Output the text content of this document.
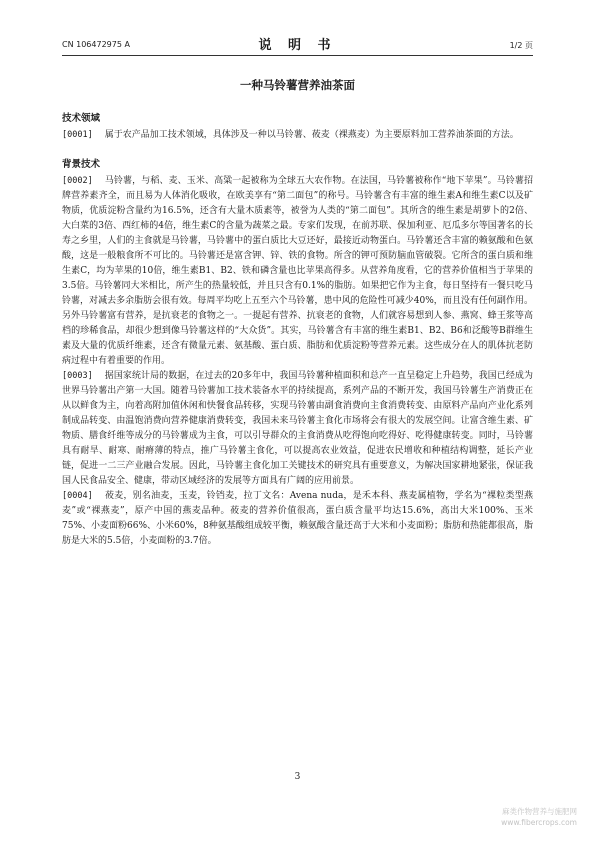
CN 106472975 A	说 明 书	1/2 页
一种马铃薯营养油茶面
技术领域

[0001] 属于农产品加工技术领域，具体涉及一种以马铃薯、莜麦（裸燕麦）为主要原料加工营养油茶面的方法。

背景技术

[0002] 马铃薯，与稻、麦、玉米、高粱一起被称为全球五大农作物。在法国，马铃薯被称作“地下苹果”。马铃薯招牌营养素齐全，而且易为人体消化吸收，在欧美享有“第二面包”的称号。马铃薯含有丰富的维生素A和维生素C以及矿物质，优质淀粉含量约为16.5%，还含有大量木质素等，被誉为人类的“第二面包”。其所含的维生素是胡萝卜的2倍、大白菜的3倍、西红柿的4倍，维生素C的含量为蔬菜之最。专家们发现，在前苏联、保加利亚、厄瓜多尔等国著名的长寿之乡里，人们的主食就是马铃薯，马铃薯中的蛋白质比大豆还好，最接近动物蛋白。马铃薯还含丰富的赖氨酸和色氨酸，这是一般粮食所不可比的。马铃薯还是富含钾、锌、铁的食物。所含的钾可预防脑血管破裂。它所含的蛋白质和维生素C，均为苹果的10倍，维生素B1、B2、铁和磷含量也比苹果高得多。从营养角度看，它的营养价值相当于苹果的3.5倍。马铃薯同大米相比，所产生的热量较低，并且只含有0.1%的脂肪。如果把它作为主食，每日坚持有一餐只吃马铃薯，对减去多余脂肪会很有效。每周平均吃上五至六个马铃薯，患中风的危险性可减少40%，而且没有任何副作用。另外马铃薯富有营养，是抗衰老的食物之一。一提起有营养、抗衰老的食物，人们就容易想到人参、燕窝、蜂王浆等高档的珍稀食品，却很少想到像马铃薯这样的“大众货”。其实，马铃薯含有丰富的维生素B1、B2、B6和泛酸等B群维生素及大量的优质纤维素，还含有微量元素、氨基酸、蛋白质、脂肪和优质淀粉等营养元素。这些成分在人的肌体抗老防病过程中有着重要的作用。

[0003] 据国家统计局的数据，在过去的20多年中，我国马铃薯种植面积和总产一直呈稳定上升趋势，我国已经成为世界马铃薯出产第一大国。随着马铃薯加工技术装备水平的持续提高，系列产品的不断开发，我国马铃薯生产消费正在从以鲜食为主，向着高附加值休闲和快餐食品转移，实现马铃薯由副食消费向主食消费转变、由原料产品向产业化系列制成品转变、由温饱消费向营养健康消费转变，我国未来马铃薯主食化市场将会有很大的发展空间。让富含维生素、矿物质、膳食纤维等成分的马铃薯成为主食，可以引导群众的主食消费从吃得饱向吃得好、吃得健康转变。同时，马铃薯具有耐旱、耐寒、耐瘠薄的特点，推广马铃薯主食化，可以提高农业效益，促进农民增收和种植结构调整，延长产业链，促进一二三产业融合发展。因此，马铃薯主食化加工关键技术的研究具有重要意义，为解决国家耕地紧张，保证我国人民食品安全、健康，带动区域经济的发展等方面具有广阔的应用前景。

[0004] 莜麦，别名油麦，玉麦，铃铛麦，拉丁文名：Avena nuda，是禾本科、燕麦属植物，学名为“裸粒类型燕麦”或“裸燕麦”，原产中国的燕麦品种。莜麦的营养价值很高，蛋白质含量平均达15.6%，高出大米100%、玉米75%、小麦面粉66%、小米60%，8种氨基酸组成较平衡，赖氨酸含量还高于大米和小麦面粉；脂肪和热能都很高，脂肪是大米的5.5倍，小麦面粉的3.7倍。

3
麻类作物营养与施肥网
www.fibercrops.com
